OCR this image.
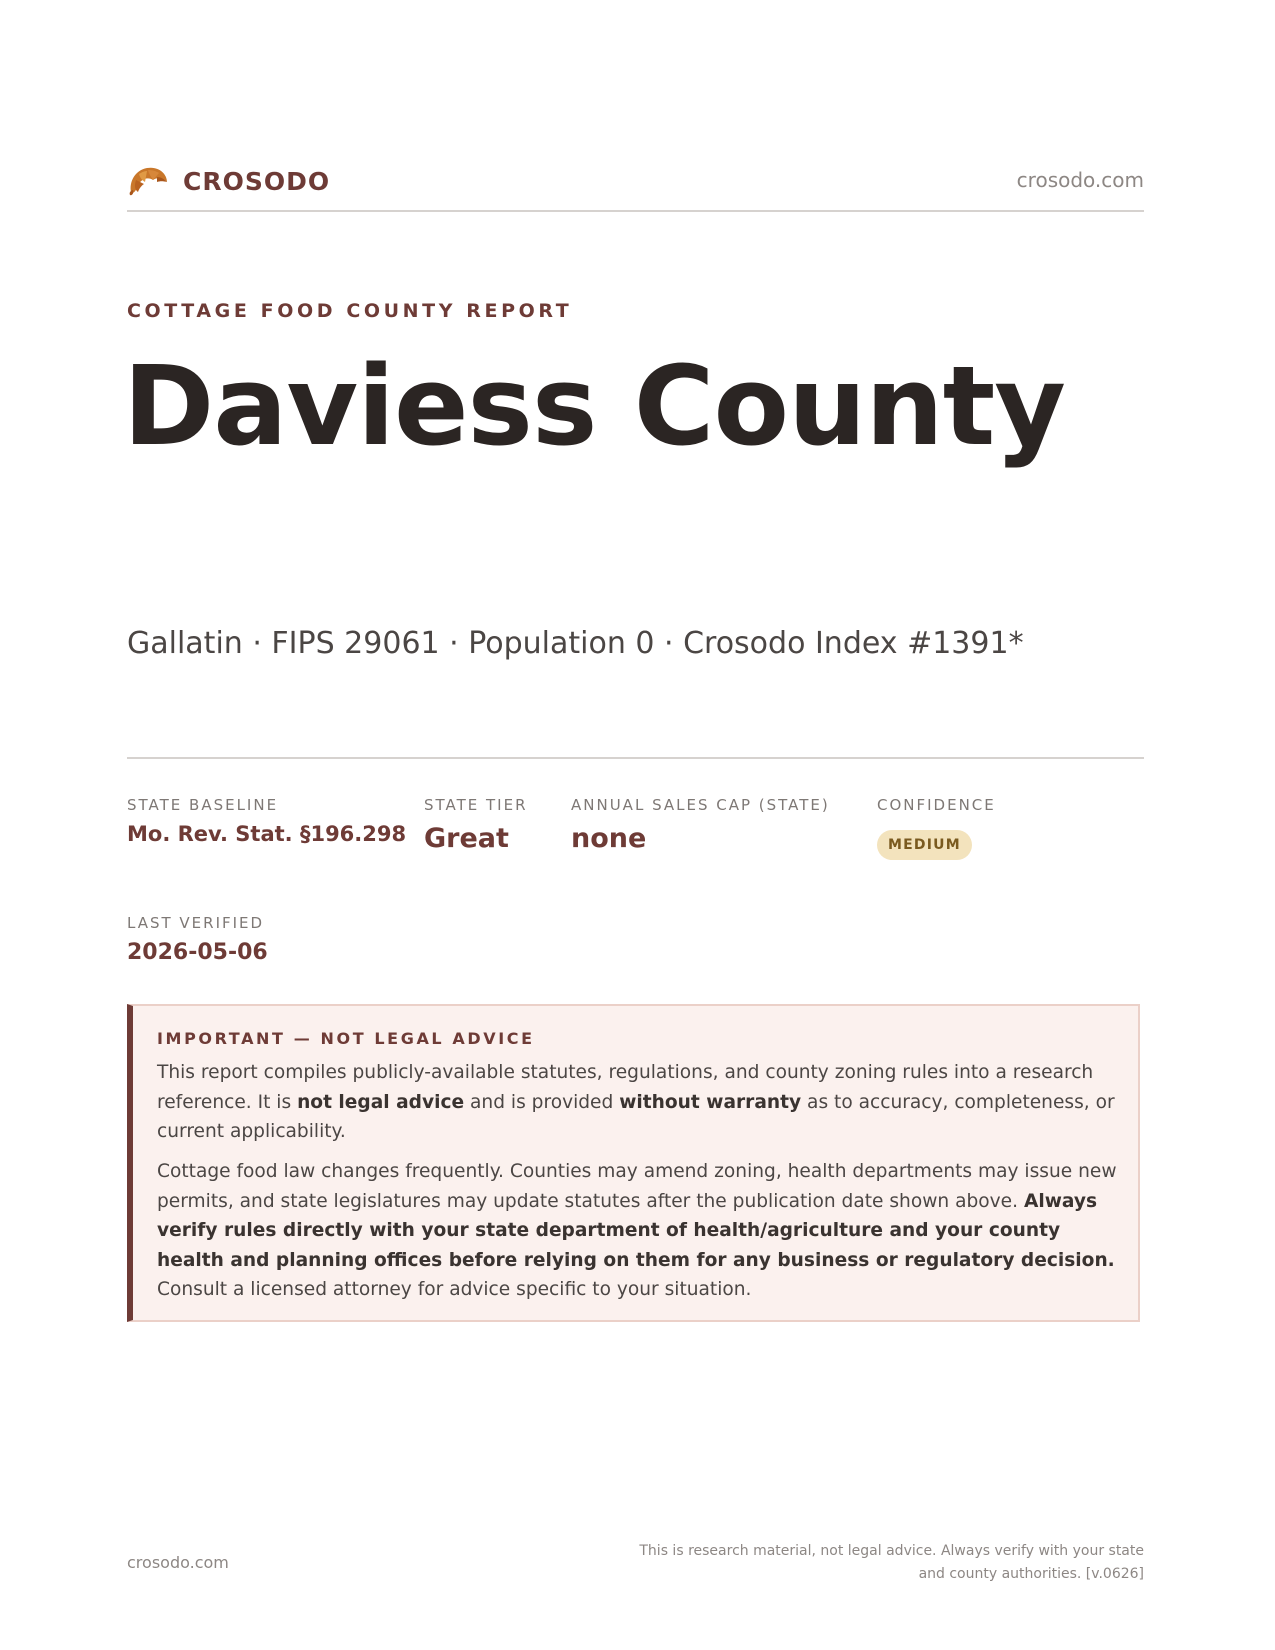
CROSODO	crosodo.com
COTTAGE FOOD COUNTY REPORT
Daviess County
Gallatin · FIPS 29061 · Population 0 · Crosodo Index #1391*
STATE BASELINE
Mo. Rev. Stat. §196.298
STATE TIER
Great
ANNUAL SALES CAP (STATE)
none
CONFIDENCE
MEDIUM
LAST VERIFIED
2026-05-06
IMPORTANT — NOT LEGAL ADVICE

This report compiles publicly-available statutes, regulations, and county zoning rules into a research reference. It is not legal advice and is provided without warranty as to accuracy, completeness, or current applicability.

Cottage food law changes frequently. Counties may amend zoning, health departments may issue new permits, and state legislatures may update statutes after the publication date shown above. Always verify rules directly with your state department of health/agriculture and your county health and planning offices before relying on them for any business or regulatory decision. Consult a licensed attorney for advice specific to your situation.

crosodo.com
This is research material, not legal advice. Always verify with your state
and county authorities. [v.0626]
